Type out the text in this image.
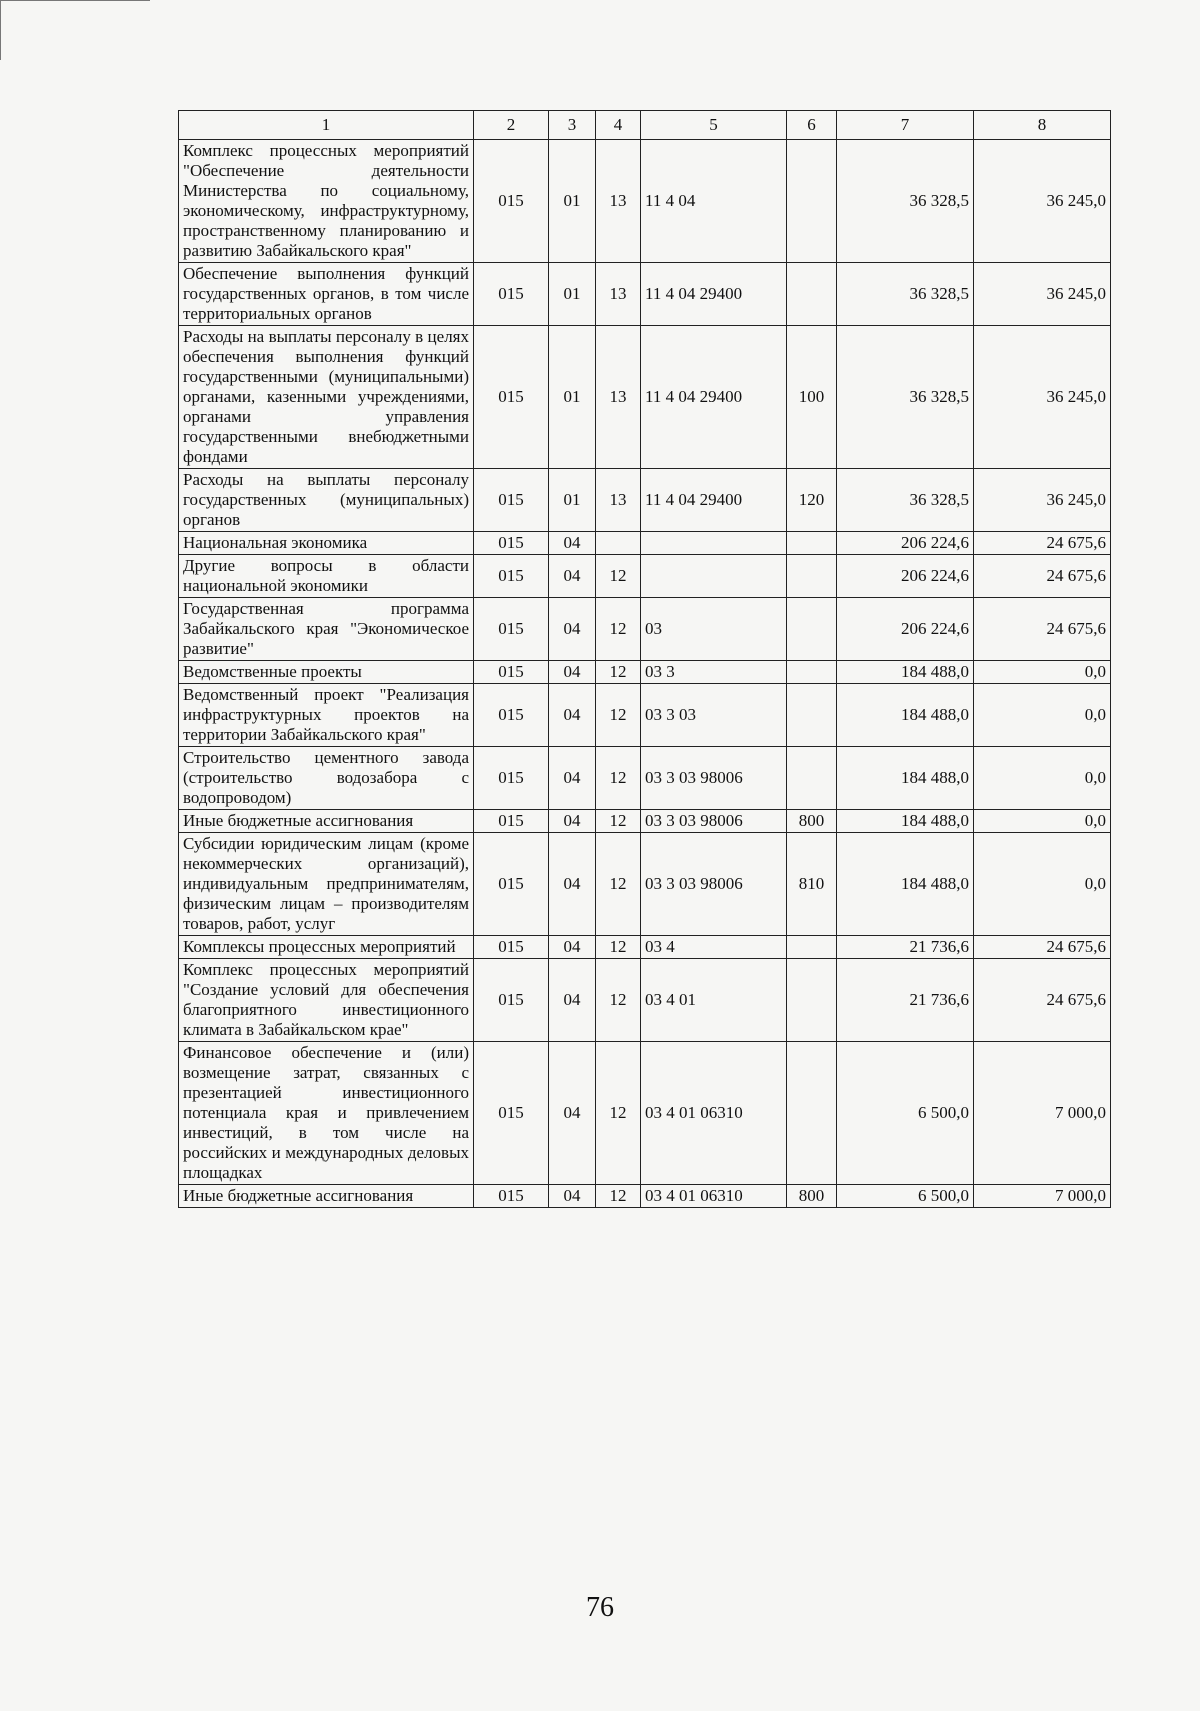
1	2	3	4	5	6	7	8
Комплекс процессных мероприятий "Обеспечение деятельности Министерства по социальному, экономическому, инфраструктурному, пространственному планированию и развитию Забайкальского края"	015	01	13	11 4 04		36 328,5	36 245,0
Обеспечение выполнения функций государственных органов, в том числе территориальных органов	015	01	13	11 4 04 29400		36 328,5	36 245,0
Расходы на выплаты персоналу в целях обеспечения выполнения функций государственными (муниципальными) органами, казенными учреждениями, органами управления государственными внебюджетными фондами	015	01	13	11 4 04 29400	100	36 328,5	36 245,0
Расходы на выплаты персоналу государственных (муниципальных) органов	015	01	13	11 4 04 29400	120	36 328,5	36 245,0
Национальная экономика	015	04				206 224,6	24 675,6
Другие вопросы в области национальной экономики	015	04	12			206 224,6	24 675,6
Государственная программа Забайкальского края "Экономическое развитие"	015	04	12	03		206 224,6	24 675,6
Ведомственные проекты	015	04	12	03 3		184 488,0	0,0
Ведомственный проект "Реализация инфраструктурных проектов на территории Забайкальского края"	015	04	12	03 3 03		184 488,0	0,0
Строительство цементного завода (строительство водозабора с водопроводом)	015	04	12	03 3 03 98006		184 488,0	0,0
Иные бюджетные ассигнования	015	04	12	03 3 03 98006	800	184 488,0	0,0
Субсидии юридическим лицам (кроме некоммерческих организаций), индивидуальным предпринимателям, физическим лицам – производителям товаров, работ, услуг	015	04	12	03 3 03 98006	810	184 488,0	0,0
Комплексы процессных мероприятий	015	04	12	03 4		21 736,6	24 675,6
Комплекс процессных мероприятий "Создание условий для обеспечения благоприятного инвестиционного климата в Забайкальском крае"	015	04	12	03 4 01		21 736,6	24 675,6
Финансовое обеспечение и (или) возмещение затрат, связанных с презентацией инвестиционного потенциала края и привлечением инвестиций, в том числе на российских и международных деловых площадках	015	04	12	03 4 01 06310		6 500,0	7 000,0
Иные бюджетные ассигнования	015	04	12	03 4 01 06310	800	6 500,0	7 000,0
76
